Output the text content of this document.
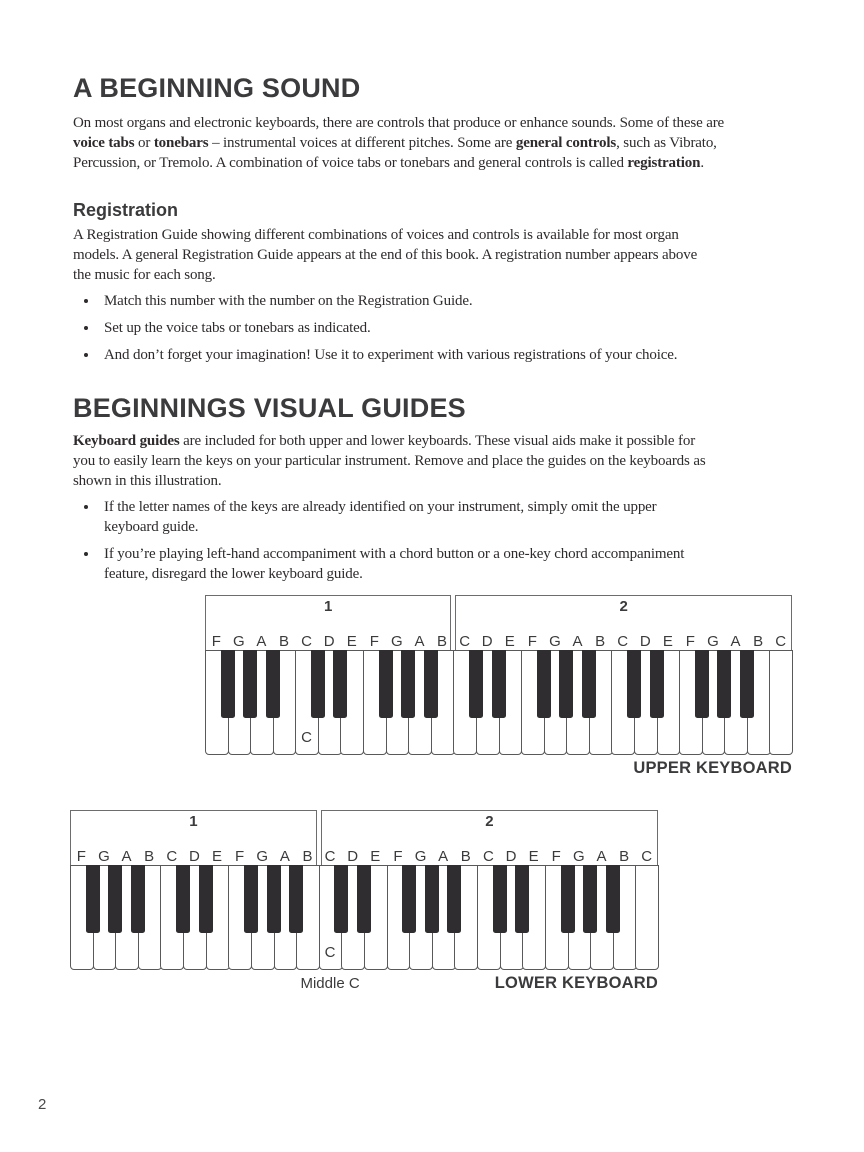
A BEGINNING SOUND

On most organs and electronic keyboards, there are controls that produce or enhance sounds. Some of these are
voice tabs or tonebars – instrumental voices at different pitches. Some are general controls, such as Vibrato,
Percussion, or Tremolo. A combination of voice tabs or tonebars and general controls is called registration.

Registration

A Registration Guide showing different combinations of voices and controls is available for most organ
models. A general Registration Guide appears at the end of this book. A registration number appears above
the music for each song.

• Match this number with the number on the Registration Guide.
• Set up the voice tabs or tonebars as indicated.
• And don’t forget your imagination! Use it to experiment with various registrations of your choice.
BEGINNINGS VISUAL GUIDES

Keyboard guides are included for both upper and lower keyboards. These visual aids make it possible for
you to easily learn the keys on your particular instrument. Remove and place the guides on the keyboards as
shown in this illustration.

• If the letter names of the keys are already identified on your instrument, simply omit the upper
keyboard guide.
• If you’re playing left-hand accompaniment with a chord button or a one-key chord accompaniment
feature, disregard the lower keyboard guide.
1	2
F G A B C D E F G A B C D E F G A B C D E F G A B C
C
UPPER KEYBOARD
1	2
F G A B C D E F G A B C D E F G A B C D E F G A B C
C
Middle C	LOWER KEYBOARD
2
